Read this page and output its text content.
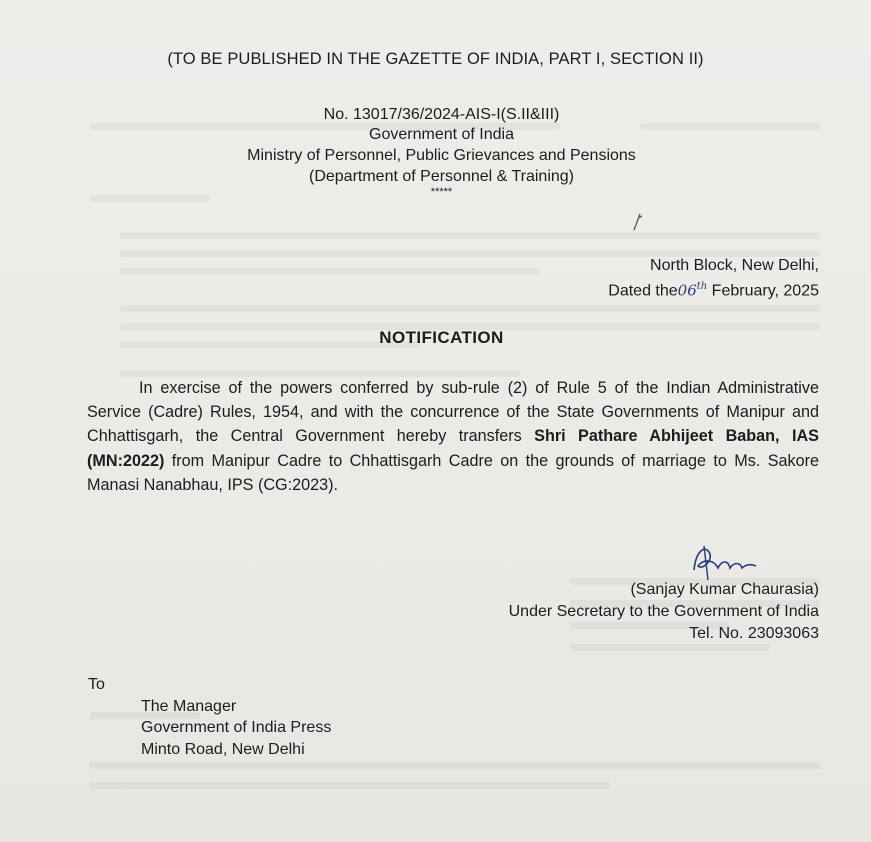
(TO BE PUBLISHED IN THE GAZETTE OF INDIA, PART I, SECTION II)
No. 13017/36/2024-AIS-I(S.II&III)
Government of India
Ministry of Personnel, Public Grievances and Pensions
(Department of Personnel & Training)
*****
North Block, New Delhi,
Dated the06th February, 2025
NOTIFICATION

In exercise of the powers conferred by sub-rule (2) of Rule 5 of the Indian Administrative Service (Cadre) Rules, 1954, and with the concurrence of the State Governments of Manipur and Chhattisgarh, the Central Government hereby transfers Shri Pathare Abhijeet Baban, IAS (MN:2022) from Manipur Cadre to Chhattisgarh Cadre on the grounds of marriage to Ms. Sakore Manasi Nanabhau, IPS (CG:2023).

(Sanjay Kumar Chaurasia)
Under Secretary to the Government of India
Tel. No. 23093063
To
The Manager
Government of India Press
Minto Road, New Delhi
